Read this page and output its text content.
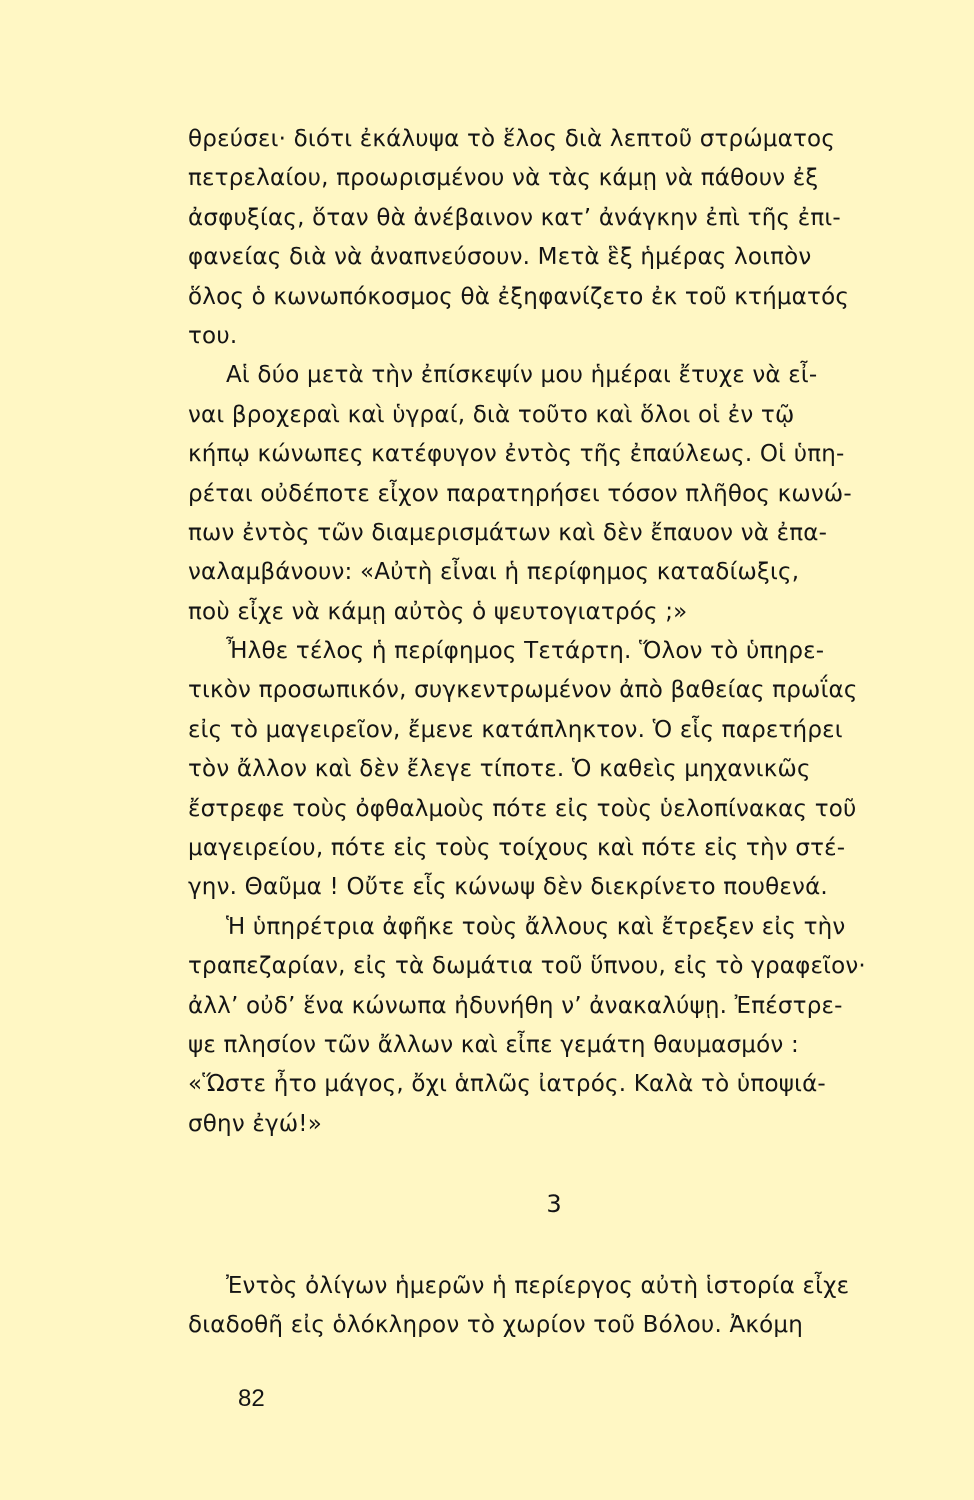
θρεύσει· διότι ἐκάλυψα τὸ ἕλος διὰ λεπτοῦ στρώματος
πετρελαίου, προωρισμένου νὰ τὰς κάμῃ νὰ πάθουν ἐξ
ἀσφυξίας, ὅταν θὰ ἀνέβαινον κατ’ ἀνάγκην ἐπὶ τῆς ἐπι-
φανείας διὰ νὰ ἀναπνεύσουν. Μετὰ ἓξ ἡμέρας λοιπὸν
ὅλος ὁ κωνωπόκοσμος θὰ ἐξηφανίζετο ἐκ τοῦ κτήματός
του.
Αἱ δύο μετὰ τὴν ἐπίσκεψίν μου ἡμέραι ἔτυχε νὰ εἶ-
ναι βροχεραὶ καὶ ὑγραί, διὰ τοῦτο καὶ ὅλοι οἱ ἐν τῷ
κήπῳ κώνωπες κατέφυγον ἐντὸς τῆς ἐπαύλεως. Οἱ ὑπη-
ρέται οὐδέποτε εἶχον παρατηρήσει τόσον πλῆθος κωνώ-
πων ἐντὸς τῶν διαμερισμάτων καὶ δὲν ἔπαυον νὰ ἐπα-
ναλαμβάνουν: «Αὐτὴ εἶναι ἡ περίφημος καταδίωξις,
ποὺ εἶχε νὰ κάμῃ αὐτὸς ὁ ψευτογιατρός ;»
Ἦλθε τέλος ἡ περίφημος Τετάρτη. Ὅλον τὸ ὑπηρε-
τικὸν προσωπικόν, συγκεντρωμένον ἀπὸ βαθείας πρωΐας
εἰς τὸ μαγειρεῖον, ἔμενε κατάπληκτον. Ὁ εἷς παρετήρει
τὸν ἄλλον καὶ δὲν ἔλεγε τίποτε. Ὁ καθεὶς μηχανικῶς
ἔστρεφε τοὺς ὀφθαλμοὺς πότε εἰς τοὺς ὑελοπίνακας τοῦ
μαγειρείου, πότε εἰς τοὺς τοίχους καὶ πότε εἰς τὴν στέ-
γην. Θαῦμα ! Οὔτε εἷς κώνωψ δὲν διεκρίνετο πουθενά.
Ἡ ὑπηρέτρια ἀφῆκε τοὺς ἄλλους καὶ ἔτρεξεν εἰς τὴν
τραπεζαρίαν, εἰς τὰ δωμάτια τοῦ ὕπνου, εἰς τὸ γραφεῖον·
ἀλλ’ οὐδ’ ἕνα κώνωπα ἠδυνήθη ν’ ἀνακαλύψῃ. Ἐπέστρε-
ψε πλησίον τῶν ἄλλων καὶ εἶπε γεμάτη θαυμασμόν :
«Ὥστε ἦτο μάγος, ὄχι ἁπλῶς ἰατρός. Καλὰ τὸ ὑποψιά-
σθην ἐγώ!»
3
Ἐντὸς ὀλίγων ἡμερῶν ἡ περίεργος αὐτὴ ἱστορία εἶχε
διαδοθῆ εἰς ὁλόκληρον τὸ χωρίον τοῦ Βόλου. Ἀκόμη
82
